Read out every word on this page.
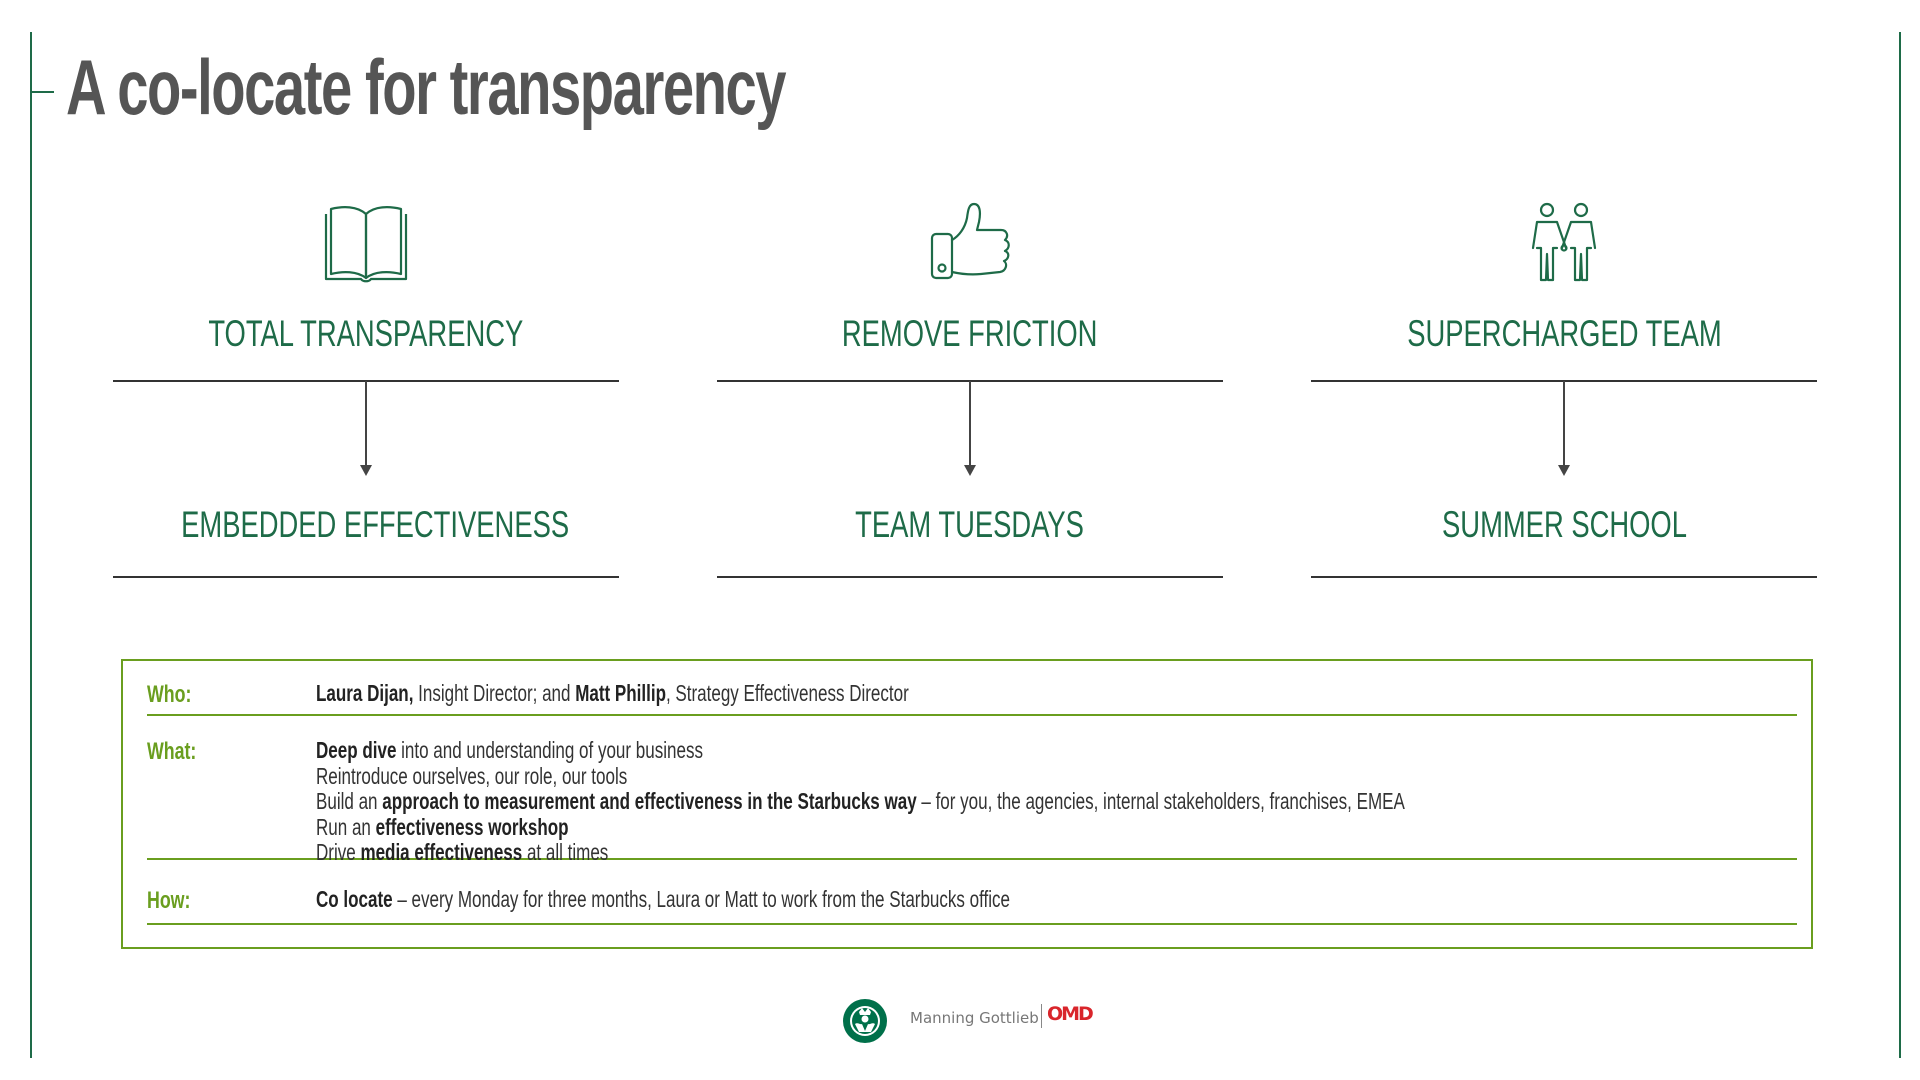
A co-locate for transparency
TOTAL TRANSPARENCY
EMBEDDED EFFECTIVENESS
REMOVE FRICTION
TEAM TUESDAYS
SUPERCHARGED TEAM
SUMMER SCHOOL
Who:	Laura Dijan, Insight Director; and Matt Phillip, Strategy Effectiveness Director
What:	Deep dive into and understanding of your business
Reintroduce ourselves, our role, our tools
Build an approach to measurement and effectiveness in the Starbucks way – for you, the agencies, internal stakeholders, franchises, EMEA
Run an effectiveness workshop
Drive media effectiveness at all times
How:	Co locate – every Monday for three months, Laura or Matt to work from the Starbucks office
Manning Gottlieb OMD
